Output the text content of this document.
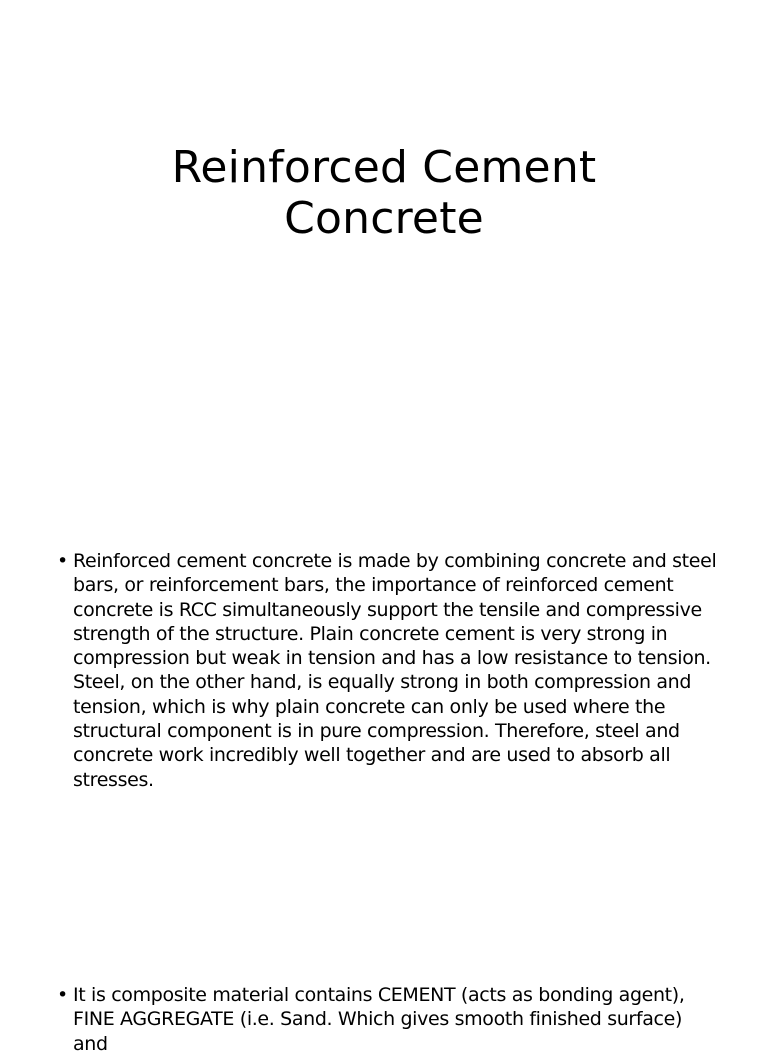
Reinforced Cement
Concrete
• Reinforced cement concrete is made by combining concrete and steel
bars, or reinforcement bars, the importance of reinforced cement
concrete is RCC simultaneously support the tensile and compressive
strength of the structure. Plain concrete cement is very strong in
compression but weak in tension and has a low resistance to tension.
Steel, on the other hand, is equally strong in both compression and
tension, which is why plain concrete can only be used where the
structural component is in pure compression. Therefore, steel and
concrete work incredibly well together and are used to absorb all
stresses.
• It is composite material contains CEMENT (acts as bonding agent),
FINE AGGREGATE (i.e. Sand. Which gives smooth finished surface) and
